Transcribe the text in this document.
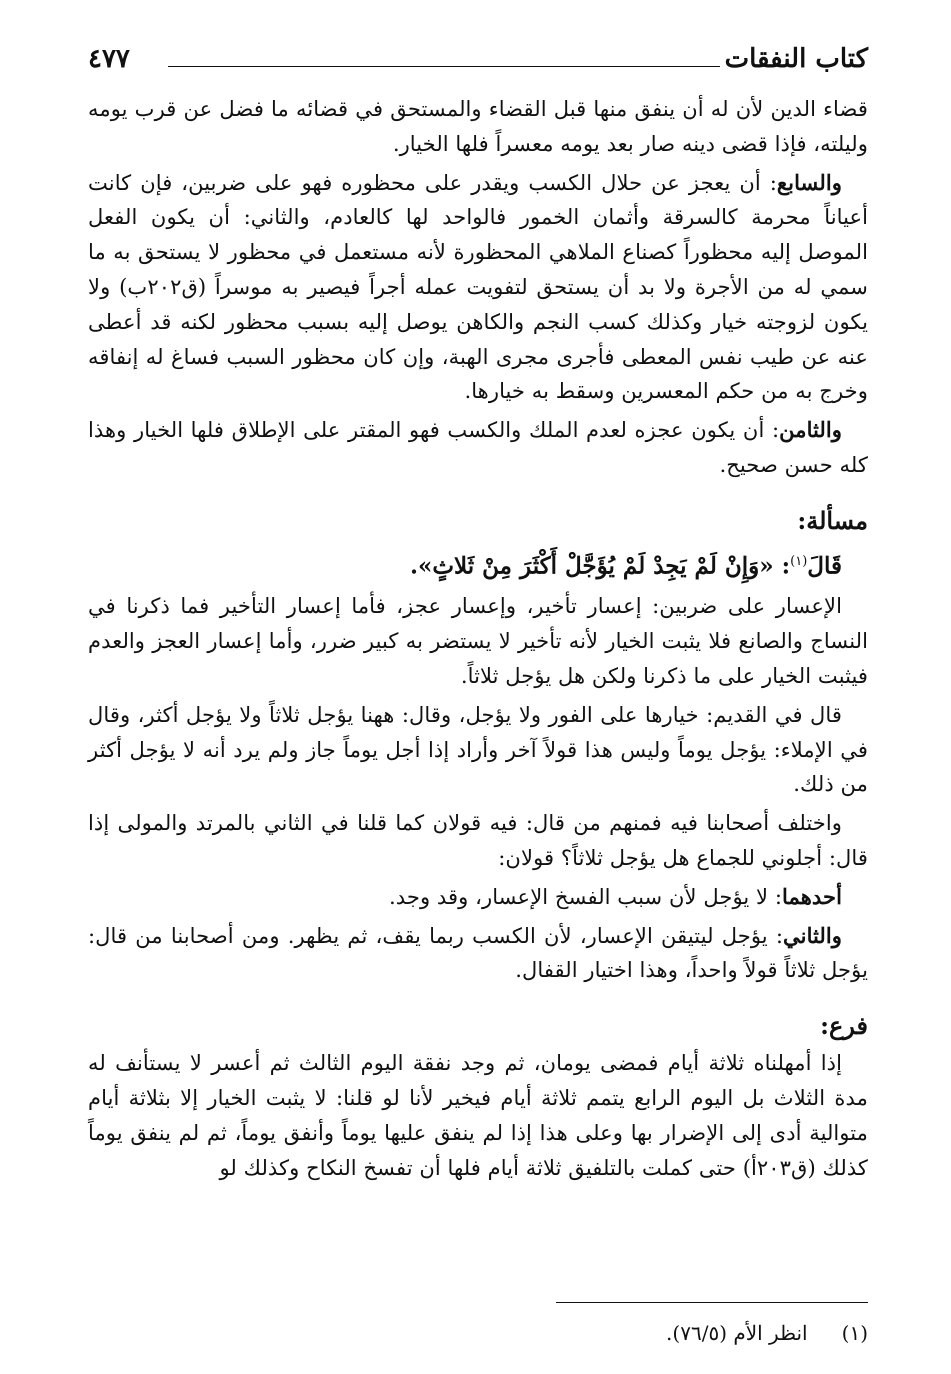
كتاب النفقات
٤٧٧

قضاء الدين لأن له أن ينفق منها قبل القضاء والمستحق في قضائه ما فضل عن قرب يومه وليلته، فإذا قضى دينه صار بعد يومه معسراً فلها الخيار.

والسابع: أن يعجز عن حلال الكسب ويقدر على محظوره فهو على ضربين، فإن كانت أعياناً محرمة كالسرقة وأثمان الخمور فالواحد لها كالعادم، والثاني: أن يكون الفعل الموصل إليه محظوراً كصناع الملاهي المحظورة لأنه مستعمل في محظور لا يستحق به ما سمي له من الأجرة ولا بد أن يستحق لتفويت عمله أجراً فيصير به موسراً (ق٢٠٢ب) ولا يكون لزوجته خيار وكذلك كسب النجم والكاهن يوصل إليه بسبب محظور لكنه قد أعطى عنه عن طيب نفس المعطى فأجرى مجرى الهبة، وإن كان محظور السبب فساغ له إنفاقه وخرج به من حكم المعسرين وسقط به خيارها.

والثامن: أن يكون عجزه لعدم الملك والكسب فهو المقتر على الإطلاق فلها الخيار وهذا كله حسن صحيح.

مسألة:

قَالَ$^{(١)}$: «وَإِنْ لَمْ يَجِدْ لَمْ يُؤَجَّلْ أَكْثَرَ مِنْ ثَلاثٍ».

الإعسار على ضربين: إعسار تأخير، وإعسار عجز، فأما إعسار التأخير فما ذكرنا في النساج والصانع فلا يثبت الخيار لأنه تأخير لا يستضر به كبير ضرر، وأما إعسار العجز والعدم فيثبت الخيار على ما ذكرنا ولكن هل يؤجل ثلاثاً.

قال في القديم: خيارها على الفور ولا يؤجل، وقال: ههنا يؤجل ثلاثاً ولا يؤجل أكثر، وقال في الإملاء: يؤجل يوماً وليس هذا قولاً آخر وأراد إذا أجل يوماً جاز ولم يرد أنه لا يؤجل أكثر من ذلك.

واختلف أصحابنا فيه فمنهم من قال: فيه قولان كما قلنا في الثاني بالمرتد والمولى إذا قال: أجلوني للجماع هل يؤجل ثلاثاً؟ قولان:

أحدهما: لا يؤجل لأن سبب الفسخ الإعسار، وقد وجد.

والثاني: يؤجل ليتيقن الإعسار، لأن الكسب ربما يقف، ثم يظهر. ومن أصحابنا من قال: يؤجل ثلاثاً قولاً واحداً، وهذا اختيار القفال.

فرع:

إذا أمهلناه ثلاثة أيام فمضى يومان، ثم وجد نفقة اليوم الثالث ثم أعسر لا يستأنف له مدة الثلاث بل اليوم الرابع يتمم ثلاثة أيام فيخير لأنا لو قلنا: لا يثبت الخيار إلا بثلاثة أيام متوالية أدى إلى الإضرار بها وعلى هذا إذا لم ينفق عليها يوماً وأنفق يوماً، ثم لم ينفق يوماً كذلك (ق٢٠٣أ) حتى كملت بالتلفيق ثلاثة أيام فلها أن تفسخ النكاح وكذلك لو

(١)انظر الأم (٧٦/٥).
